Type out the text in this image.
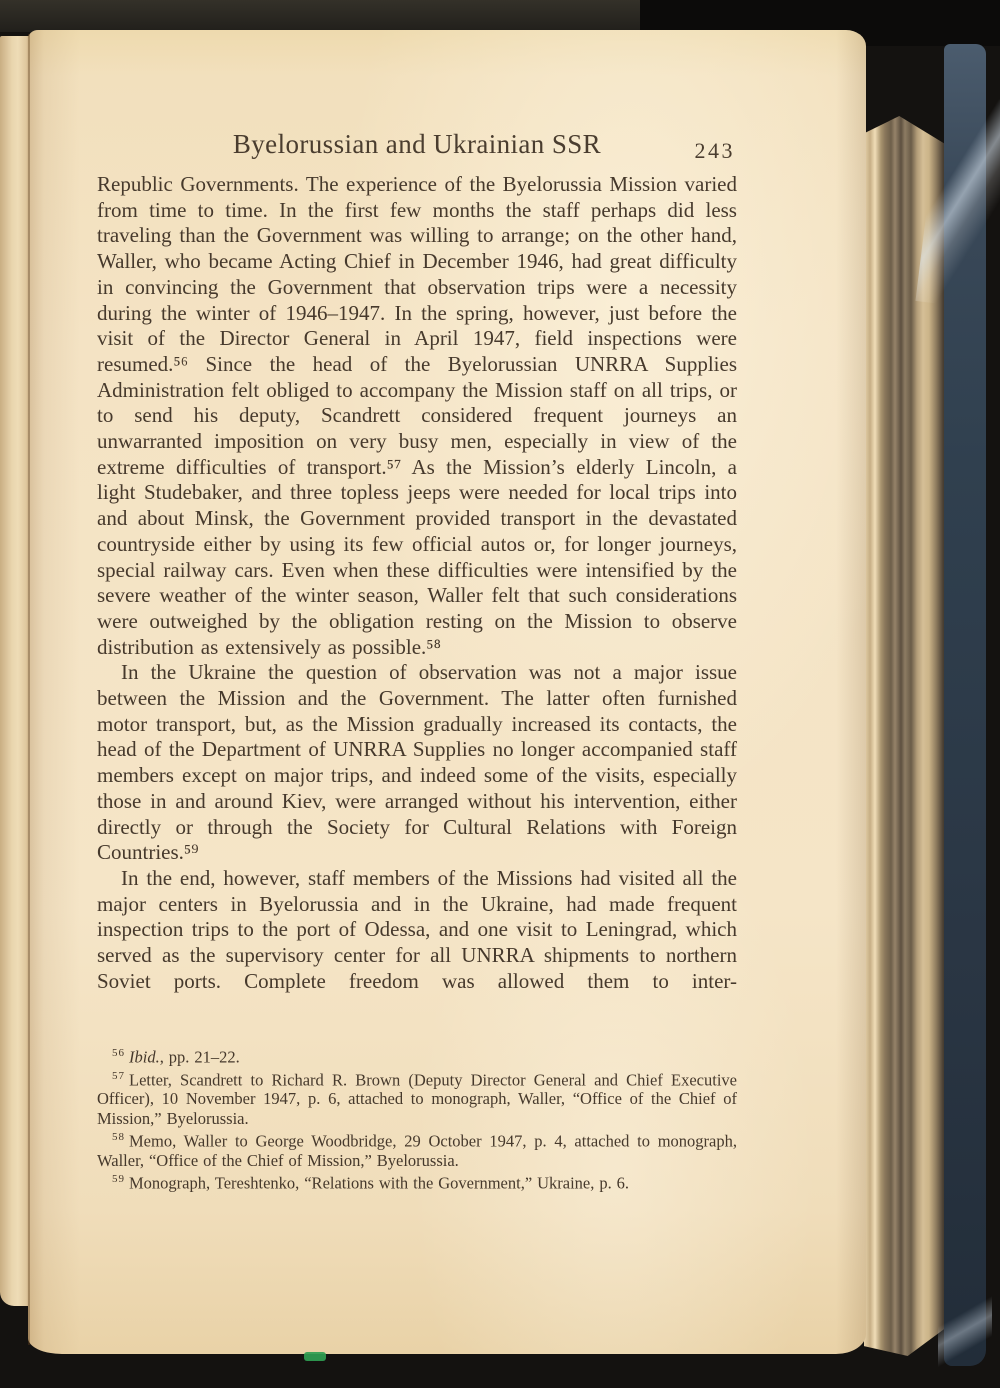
Byelorussian and Ukrainian SSR	243

Republic Governments. The experience of the Byelorussia Mission varied from time to time. In the first few months the staff perhaps did less traveling than the Government was willing to arrange; on the other hand, Waller, who became Acting Chief in December 1946, had great difficulty in convincing the Government that observation trips were a necessity during the winter of 1946–1947. In the spring, however, just before the visit of the Director General in April 1947, field inspections were resumed.⁵⁶ Since the head of the Byelorussian UNRRA Supplies Administration felt obliged to accompany the Mission staff on all trips, or to send his deputy, Scandrett considered frequent journeys an unwarranted imposition on very busy men, especially in view of the extreme difficulties of transport.⁵⁷ As the Mission’s elderly Lincoln, a light Studebaker, and three topless jeeps were needed for local trips into and about Minsk, the Government provided transport in the devastated countryside either by using its few official autos or, for longer journeys, special railway cars. Even when these difficulties were intensified by the severe weather of the winter season, Waller felt that such considerations were outweighed by the obligation resting on the Mission to observe distribution as extensively as possible.⁵⁸

In the Ukraine the question of observation was not a major issue between the Mission and the Government. The latter often furnished motor transport, but, as the Mission gradually increased its contacts, the head of the Department of UNRRA Supplies no longer accompanied staff members except on major trips, and indeed some of the visits, especially those in and around Kiev, were arranged without his intervention, either directly or through the Society for Cultural Relations with Foreign Countries.⁵⁹

In the end, however, staff members of the Missions had visited all the major centers in Byelorussia and in the Ukraine, had made frequent inspection trips to the port of Odessa, and one visit to Leningrad, which served as the supervisory center for all UNRRA shipments to northern Soviet ports. Complete freedom was allowed them to inter-

$^{56}$ Ibid., pp. 21–22.

$^{57}$ Letter, Scandrett to Richard R. Brown (Deputy Director General and Chief Executive Officer), 10 November 1947, p. 6, attached to monograph, Waller, “Office of the Chief of Mission,” Byelorussia.

$^{58}$ Memo, Waller to George Woodbridge, 29 October 1947, p. 4, attached to monograph, Waller, “Office of the Chief of Mission,” Byelorussia.

$^{59}$ Monograph, Tereshtenko, “Relations with the Government,” Ukraine, p. 6.
